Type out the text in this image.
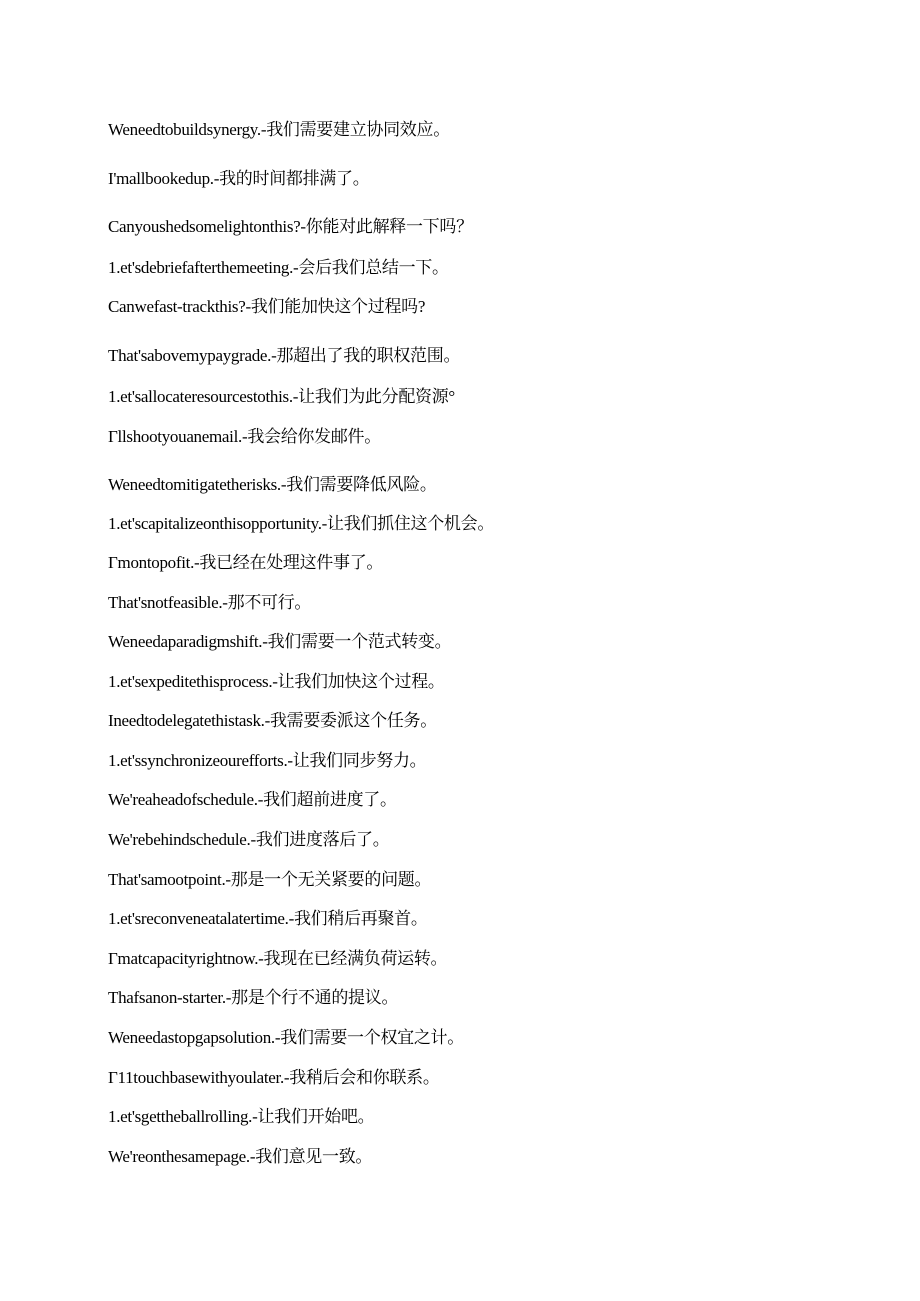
Weneedtobuildsynergy.-我们需要建立协同效应。
I'mallbookedup.-我的时间都排满了。
Canyoushedsomelightonthis?-你能对此解释一下吗？
1.et'sdebriefafterthemeeting.-会后我们总结一下。
Canwefast-trackthis?-我们能加快这个过程吗?
That'sabovemypaygrade.-那超出了我的职权范围。
1.et'sallocateresourcestothis.-让我们为此分配资源°
Γllshootyouanemail.-我会给你发邮件。
Weneedtomitigatetherisks.-我们需要降低风险。
1.et'scapitalizeonthisopportunity.-让我们抓住这个机会。
Γmontopofit.-我已经在处理这件事了。
That'snotfeasible.-那不可行。
Weneedaparadigmshift.-我们需要一个范式转变。
1.et'sexpeditethisprocess.-让我们加快这个过程。
Ineedtodelegatethistask.-我需要委派这个任务。
1.et'ssynchronizeourefforts.-让我们同步努力。
We'reaheadofschedule.-我们超前进度了。
We'rebehindschedule.-我们进度落后了。
That'samootpoint.-那是一个无关紧要的问题。
1.et'sreconveneatalatertime.-我们稍后再聚首。
Γmatcapacityrightnow.-我现在已经满负荷运转。
Thafsanon-starter.-那是个行不通的提议。
Weneedastopgapsolution.-我们需要一个权宜之计。
Γ11touchbasewithyoulater.-我稍后会和你联系。
1.et'sgettheballrolling.-让我们开始吧。
We'reonthesamepage.-我们意见一致。
